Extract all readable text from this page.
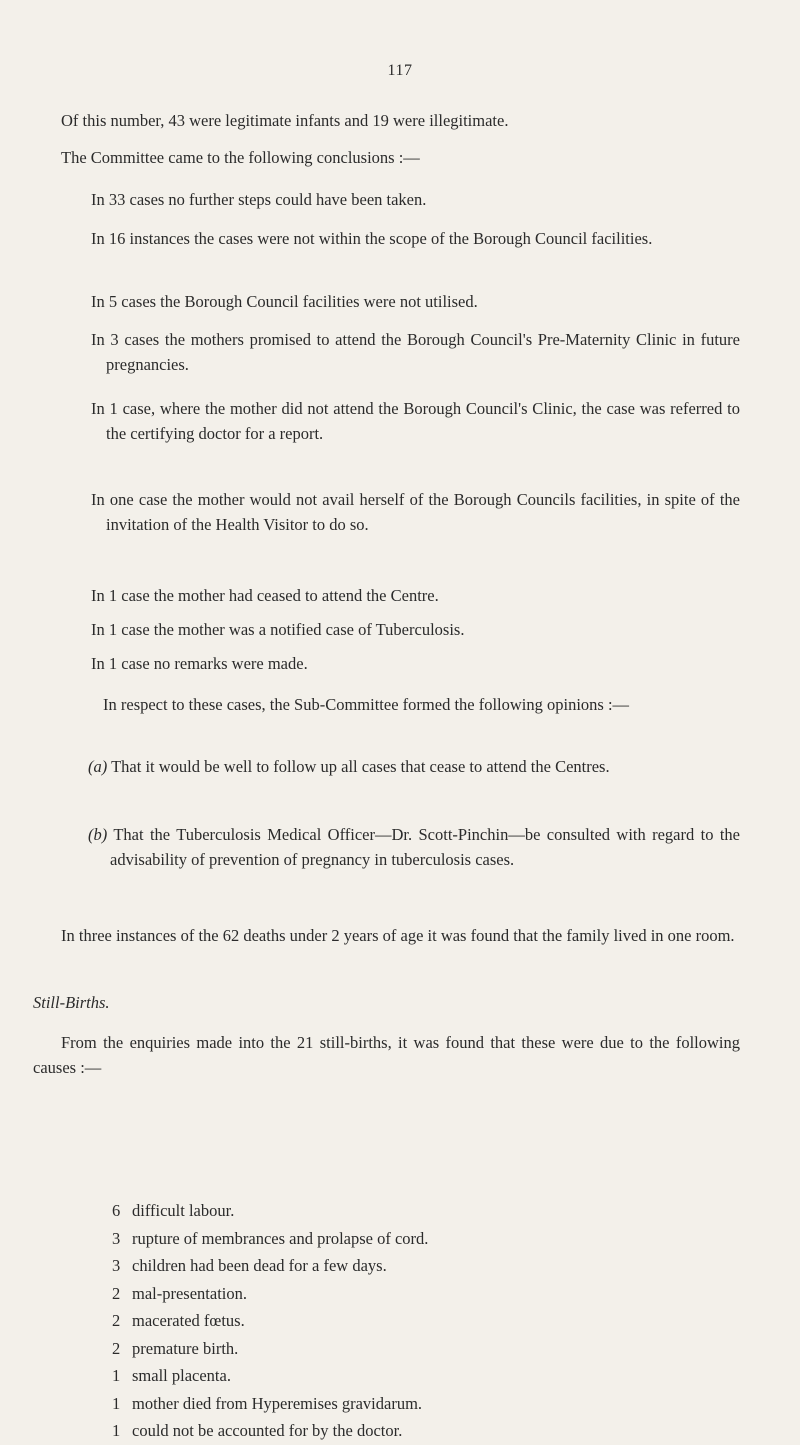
117
Of this number, 43 were legitimate infants and 19 were illegitimate.
The Committee came to the following conclusions :—
In 33 cases no further steps could have been taken.
In 16 instances the cases were not within the scope of the Borough Council facilities.
In 5 cases the Borough Council facilities were not utilised.
In 3 cases the mothers promised to attend the Borough Council's Pre-Maternity Clinic in future pregnancies.
In 1 case, where the mother did not attend the Borough Council's Clinic, the case was referred to the certifying doctor for a report.
In one case the mother would not avail herself of the Borough Councils facilities, in spite of the invitation of the Health Visitor to do so.
In 1 case the mother had ceased to attend the Centre.
In 1 case the mother was a notified case of Tuberculosis.
In 1 case no remarks were made.
In respect to these cases, the Sub-Committee formed the following opinions :—
(a) That it would be well to follow up all cases that cease to attend the Centres.
(b) That the Tuberculosis Medical Officer—Dr. Scott-Pinchin—be consulted with regard to the advisability of prevention of pregnancy in tuberculosis cases.
In three instances of the 62 deaths under 2 years of age it was found that the family lived in one room.
Still-Births.
From the enquiries made into the 21 still-births, it was found that these were due to the following causes :—
6 difficult labour.
3 rupture of membrances and prolapse of cord.
3 children had been dead for a few days.
2 mal-presentation.
2 macerated fœtus.
2 premature birth.
1 small placenta.
1 mother died from Hyperemises gravidarum.
1 could not be accounted for by the doctor.
